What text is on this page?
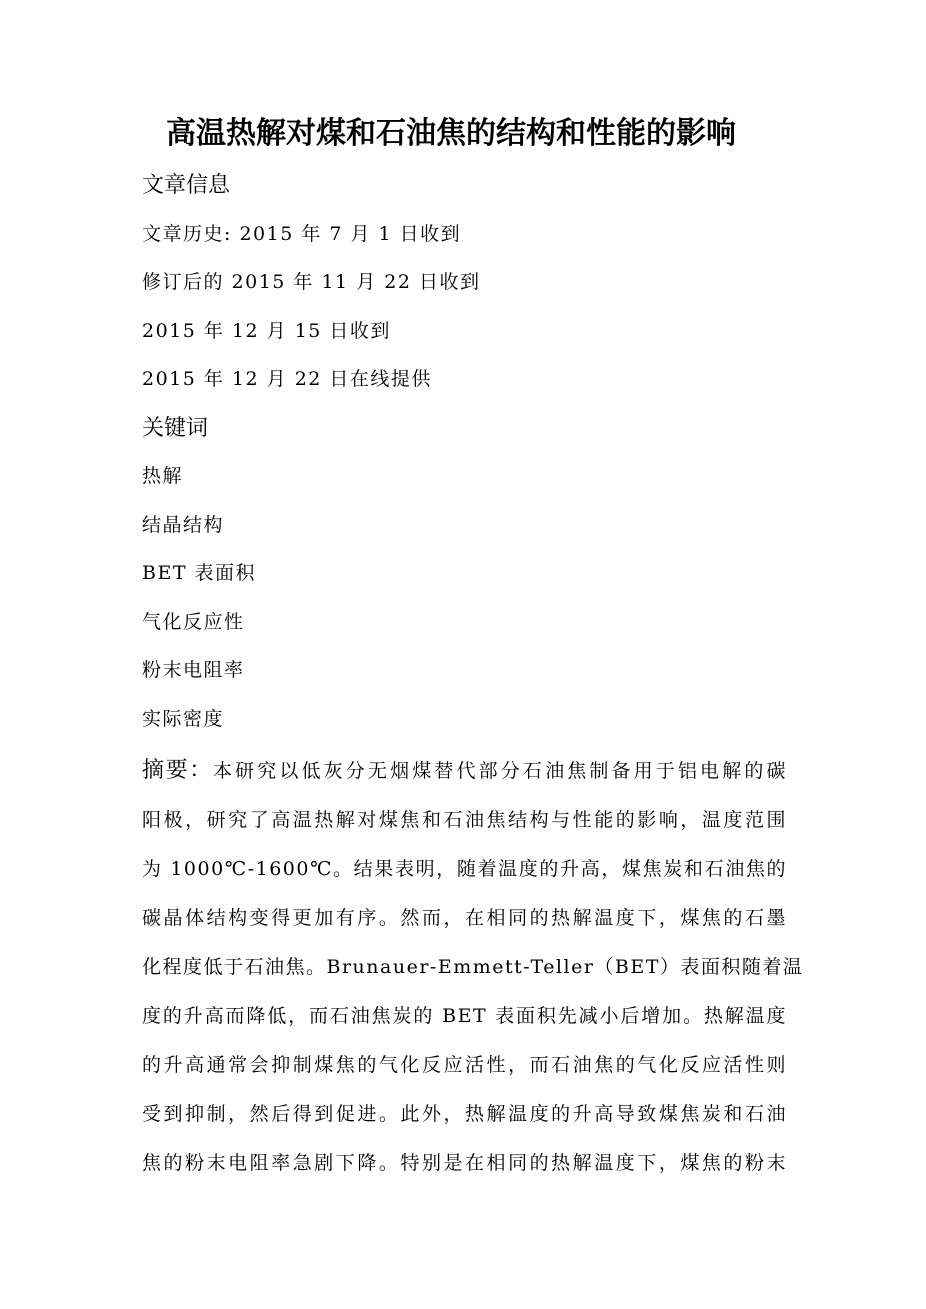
高温热解对煤和石油焦的结构和性能的影响
文章信息
文章历史: 2015 年 7 月 1 日收到
修订后的 2015 年 11 月 22 日收到
2015 年 12 月 15 日收到
2015 年 12 月 22 日在线提供
关键词
热解
结晶结构
BET 表面积
气化反应性
粉末电阻率
实际密度
摘要：本研究以低灰分无烟煤替代部分石油焦制备用于铝电解的碳
阳极，研究了高温热解对煤焦和石油焦结构与性能的影响，温度范围
为 1000℃-1600℃。结果表明，随着温度的升高，煤焦炭和石油焦的
碳晶体结构变得更加有序。然而，在相同的热解温度下，煤焦的石墨
化程度低于石油焦。Brunauer-Emmett-Teller（BET）表面积随着温
度的升高而降低，而石油焦炭的 BET 表面积先减小后增加。热解温度
的升高通常会抑制煤焦的气化反应活性，而石油焦的气化反应活性则
受到抑制，然后得到促进。此外，热解温度的升高导致煤焦炭和石油
焦的粉末电阻率急剧下降。特别是在相同的热解温度下，煤焦的粉末
